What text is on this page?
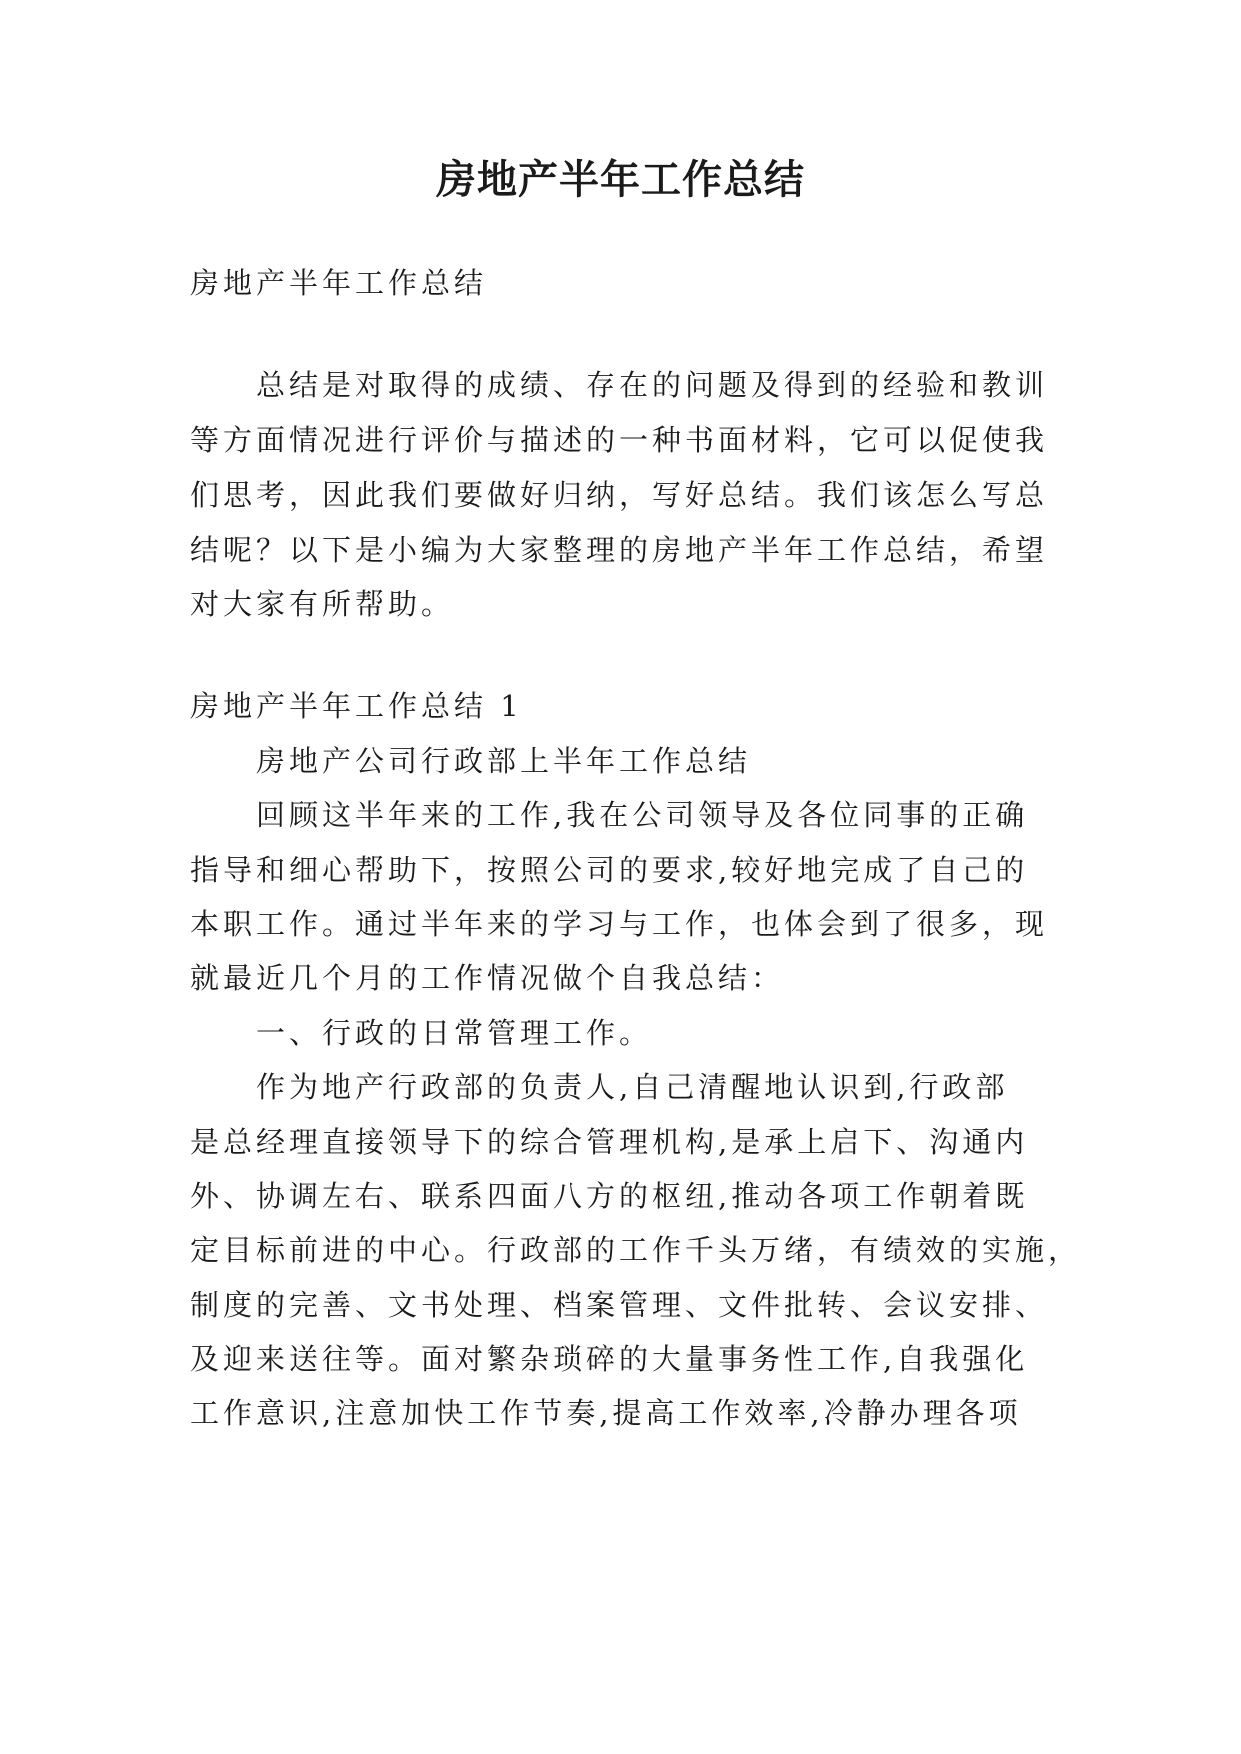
房地产半年工作总结

房地产半年工作总结

总结是对取得的成绩、存在的问题及得到的经验和教训

等方面情况进行评价与描述的一种书面材料，它可以促使我

们思考，因此我们要做好归纳，写好总结。我们该怎么写总

结呢？以下是小编为大家整理的房地产半年工作总结，希望

对大家有所帮助。

房地产半年工作总结 1

房地产公司行政部上半年工作总结

回顾这半年来的工作,我在公司领导及各位同事的正确

指导和细心帮助下，按照公司的要求,较好地完成了自己的

本职工作。通过半年来的学习与工作，也体会到了很多，现

就最近几个月的工作情况做个自我总结：

一、行政的日常管理工作。

作为地产行政部的负责人,自己清醒地认识到,行政部

是总经理直接领导下的综合管理机构,是承上启下、沟通内

外、协调左右、联系四面八方的枢纽,推动各项工作朝着既

定目标前进的中心。行政部的工作千头万绪，有绩效的实施，

制度的完善、文书处理、档案管理、文件批转、会议安排、

及迎来送往等。面对繁杂琐碎的大量事务性工作,自我强化

工作意识,注意加快工作节奏,提高工作效率,冷静办理各项
